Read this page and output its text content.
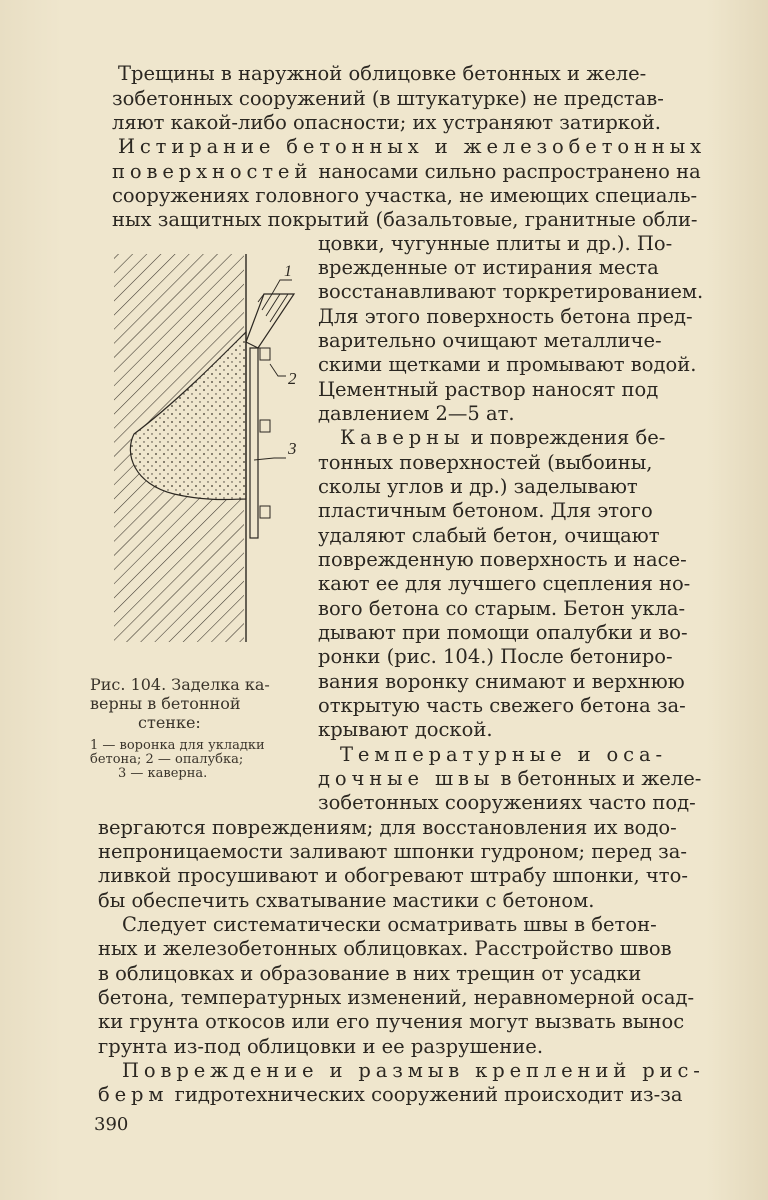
Трещины в наружной облицовке бетонных и желе-
зобетонных сооружений (в штукатурке) не представ-
ляют какой-либо опасности; их устраняют затиркой.
Истирание бетонных и железобетонных
поверхностей наносами сильно распространено на
сооружениях головного участка, не имеющих специаль-
ных защитных покрытий (базальтовые, гранитные обли-
1
2
3
Рис. 104. Заделка ка-
верны в бетонной
стенке:
1 — воронка для укладки
бетона; 2 — опалубка;
3 — каверна.
цовки, чугунные плиты и др.). По-
врежденные от истирания места
восстанавливают торкретированием.
Для этого поверхность бетона пред-
варительно очищают металличе-
скими щетками и промывают водой.
Цементный раствор наносят под
давлением 2—5 ат.
Каверны и повреждения бе-
тонных поверхностей (выбоины,
сколы углов и др.) заделывают
пластичным бетоном. Для этого
удаляют слабый бетон, очищают
поврежденную поверхность и насе-
кают ее для лучшего сцепления но-
вого бетона со старым. Бетон укла-
дывают при помощи опалубки и во-
ронки (рис. 104.) После бетониро-
вания воронку снимают и верхнюю
открытую часть свежего бетона за-
крывают доской.
Температурные и оса-
дочные швы в бетонных и желе-
зобетонных сооружениях часто под-
вергаются повреждениям; для восстановления их водо-
непроницаемости заливают шпонки гудроном; перед за-
ливкой просушивают и обогревают штрабу шпонки, что-
бы обеспечить схватывание мастики с бетоном.
Следует систематически осматривать швы в бетон-
ных и железобетонных облицовках. Расстройство швов
в облицовках и образование в них трещин от усадки
бетона, температурных изменений, неравномерной осад-
ки грунта откосов или его пучения могут вызвать вынос
грунта из-под облицовки и ее разрушение.
Повреждение и размыв креплений рис-
берм гидротехнических сооружений происходит из-за
390
